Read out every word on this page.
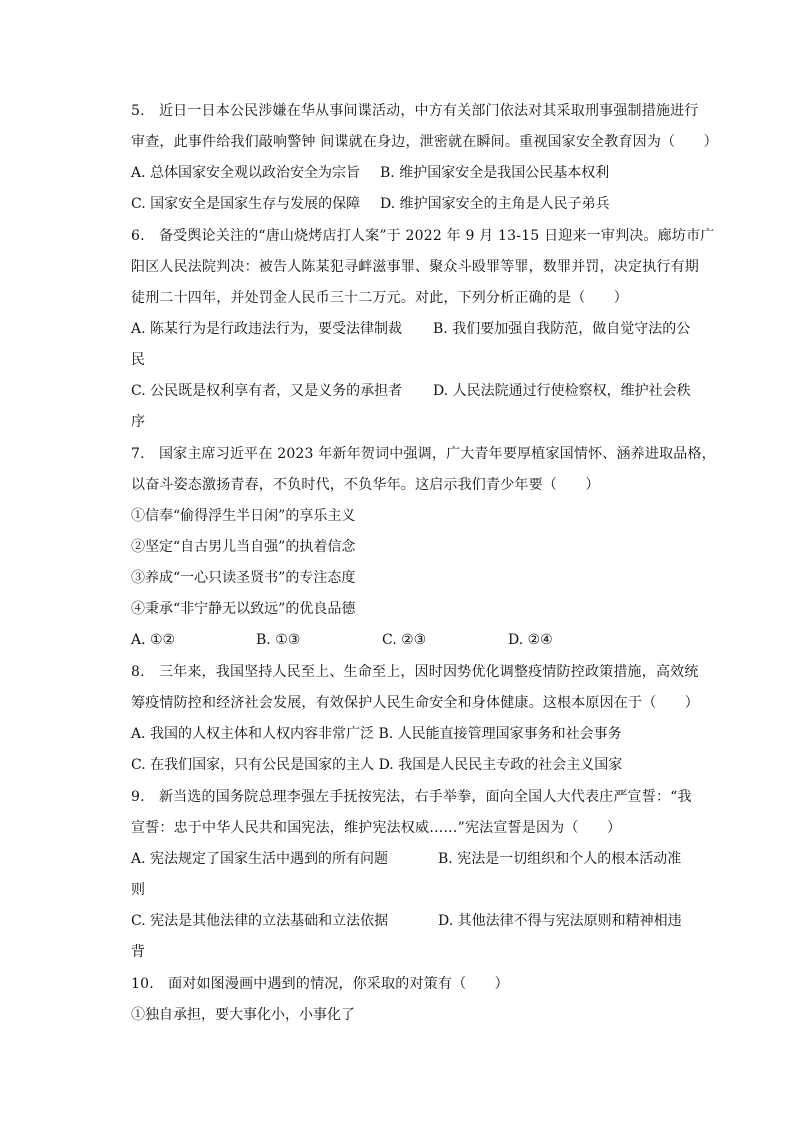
5.　近日一日本公民涉嫌在华从事间谍活动，中方有关部门依法对其采取刑事强制措施进行
审查，此事件给我们敲响警钟 间谍就在身边，泄密就在瞬间。重视国家安全教育因为（　　）
A. 总体国家安全观以政治安全为宗旨 B. 维护国家安全是我国公民基本权利
C. 国家安全是国家生存与发展的保障 D. 维护国家安全的主角是人民子弟兵
6.　备受舆论关注的“唐山烧烤店打人案”于 2022 年 9 月 13-15 日迎来一审判决。廊坊市广
阳区人民法院判决：被告人陈某犯寻衅滋事罪、聚众斗殴罪等罪，数罪并罚，决定执行有期
徒刑二十四年，并处罚金人民币三十二万元。对此，下列分析正确的是（　　）
A. 陈某行为是行政违法行为，要受法律制裁 B. 我们要加强自我防范，做自觉守法的公
民
C. 公民既是权利享有者，又是义务的承担者 D. 人民法院通过行使检察权，维护社会秩
序
7.　国家主席习近平在 2023 年新年贺词中强调，广大青年要厚植家国情怀、涵养进取品格，
以奋斗姿态激扬青春，不负时代，不负华年。这启示我们青少年要（　　）
①信奉“偷得浮生半日闲”的享乐主义
②坚定“自古男儿当自强”的执着信念
③养成“一心只读圣贤书”的专注态度
④秉承“非宁静无以致远”的优良品德
A. ①②	B. ①③	C. ②③	D. ②④
8.　三年来，我国坚持人民至上、生命至上，因时因势优化调整疫情防控政策措施，高效统
筹疫情防控和经济社会发展，有效保护人民生命安全和身体健康。这根本原因在于（　　）
A. 我国的人权主体和人权内容非常广泛 B. 人民能直接管理国家事务和社会事务
C. 在我们国家，只有公民是国家的主人 D. 我国是人民民主专政的社会主义国家
9.　新当选的国务院总理李强左手抚按宪法，右手举拳，面向全国人大代表庄严宣誓：“我
宣誓：忠于中华人民共和国宪法，维护宪法权威……”宪法宣誓是因为（　　）
A. 宪法规定了国家生活中遇到的所有问题	B. 宪法是一切组织和个人的根本活动准
则
C. 宪法是其他法律的立法基础和立法依据	D. 其他法律不得与宪法原则和精神相违
背
10.　面对如图漫画中遇到的情况，你采取的对策有（　　）
①独自承担，要大事化小，小事化了
